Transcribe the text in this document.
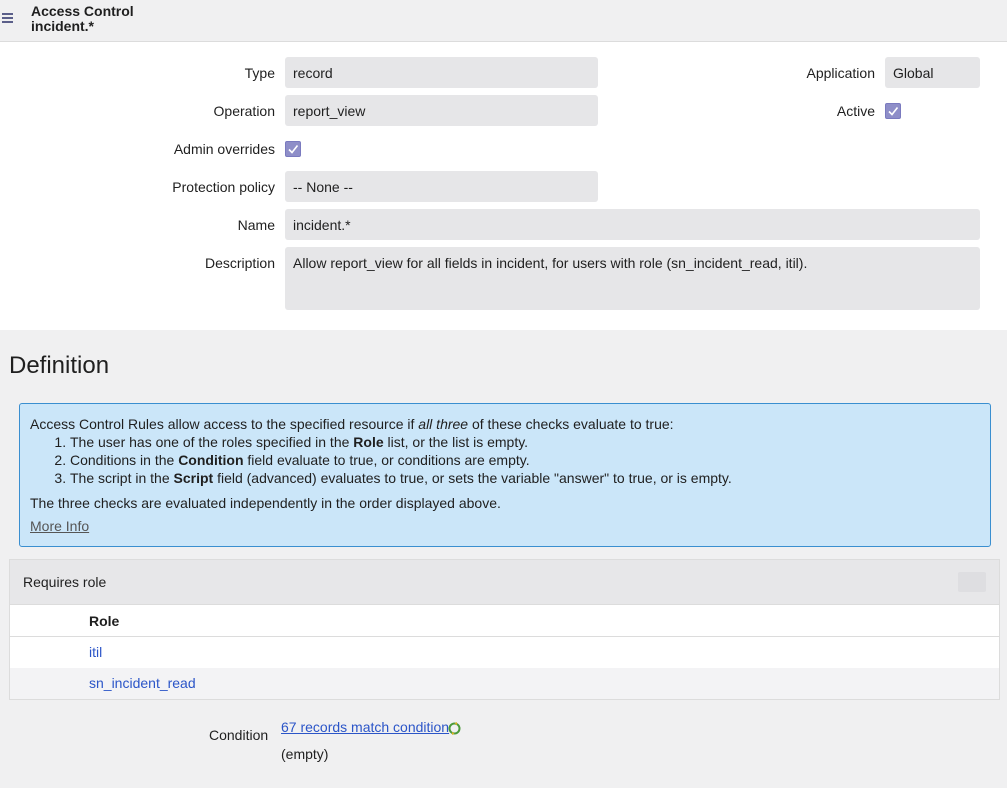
Access Control
incident.*
Type	record
Operation	report_view
Admin overrides
Protection policy	-- None --
Name	incident.*
Description	Allow report_view for all fields in incident, for users with role (sn_incident_read, itil).
Application	Global
Active
Definition

Access Control Rules allow access to the specified resource if all three of these checks evaluate to true:

1. The user has one of the roles specified in the Role list, or the list is empty.
2. Conditions in the Condition field evaluate to true, or conditions are empty.
3. The script in the Script field (advanced) evaluates to true, or sets the variable "answer" to true, or is empty.

The three checks are evaluated independently in the order displayed above.

More Info
Requires role
Role
itil
sn_incident_read
Condition 67 records match condition
(empty)
